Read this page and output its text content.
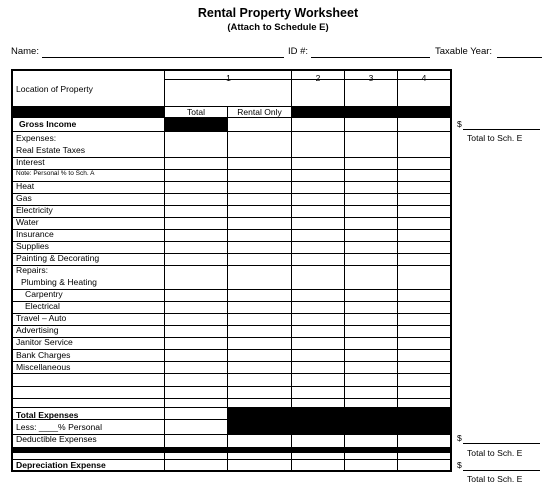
Rental Property Worksheet
(Attach to Schedule E)
Name:	ID #:	Taxable Year:
1	2	3	4
Total	Rental Only
Location of Property
Gross Income
Expenses:
Real Estate Taxes
Interest
Note: Personal % to Sch. A
Heat
Gas
Electricity
Water
Insurance
Supplies
Painting & Decorating
Repairs:
Plumbing & Heating
Carpentry
Electrical
Travel – Auto
Advertising
Janitor Service
Bank Charges
Miscellaneous
Total Expenses
Less: ____% Personal
Deductible Expenses
Depreciation Expense
$
Total to Sch. E
$
Total to Sch. E
$
Total to Sch. E
